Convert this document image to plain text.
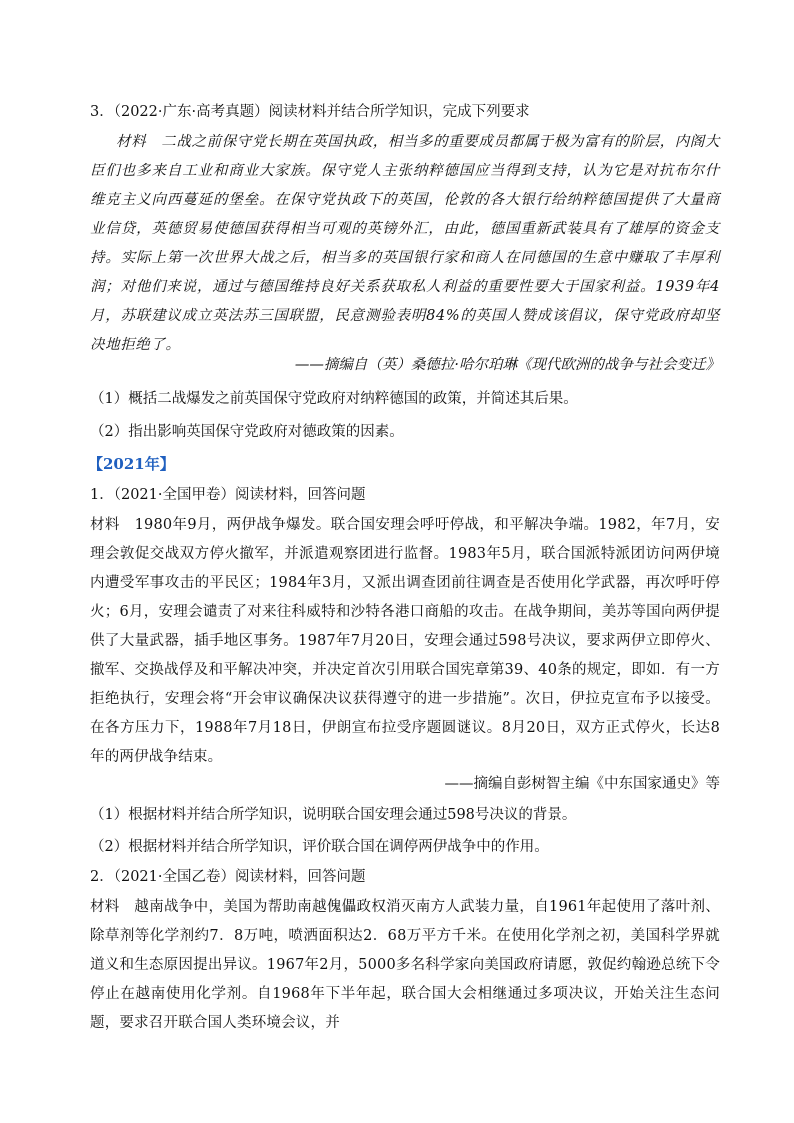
3．（2022·广东·高考真题）阅读材料并结合所学知识，完成下列要求
材料　二战之前保守党长期在英国执政，相当多的重要成员都属于极为富有的阶层，内阁大臣们也多来自工业和商业大家族。保守党人主张纳粹德国应当得到支持，认为它是对抗布尔什维克主义向西蔓延的堡垒。在保守党执政下的英国，伦敦的各大银行给纳粹德国提供了大量商业信贷，英德贸易使德国获得相当可观的英镑外汇，由此，德国重新武装具有了雄厚的资金支持。实际上第一次世界大战之后，相当多的英国银行家和商人在同德国的生意中赚取了丰厚利润；对他们来说，通过与德国维持良好关系获取私人利益的重要性要大于国家利益。1939年4月，苏联建议成立英法苏三国联盟，民意测验表明84%的英国人赞成该倡议，保守党政府却坚决地拒绝了。
——摘编自（英）桑德拉·哈尔珀琳《现代欧洲的战争与社会变迁》
（1）概括二战爆发之前英国保守党政府对纳粹德国的政策，并简述其后果。
（2）指出影响英国保守党政府对德政策的因素。
【2021年】
1．（2021·全国甲卷）阅读材料，回答问题
材料　1980年9月，两伊战争爆发。联合国安理会呼吁停战，和平解决争端。1982，年7月，安理会敦促交战双方停火撤军，并派遣观察团进行监督。1983年5月，联合国派特派团访问两伊境内遭受军事攻击的平民区；1984年3月，又派出调查团前往调查是否使用化学武器，再次呼吁停火；6月，安理会谴责了对来往科威特和沙特各港口商船的攻击。在战争期间，美苏等国向两伊提供了大量武器，插手地区事务。1987年7月20日，安理会通过598号决议，要求两伊立即停火、撤军、交换战俘及和平解决冲突，并决定首次引用联合国宪章第39、40条的规定，即如．有一方拒绝执行，安理会将“开会审议确保决议获得遵守的进一步措施”。次日，伊拉克宣布予以接受。在各方压力下，1988年7月18日，伊朗宣布拉受序题圆谜议。8月20日，双方正式停火，长达8年的两伊战争结束。
——摘编自彭树智主编《中东国家通史》等
（1）根据材料并结合所学知识，说明联合国安理会通过598号决议的背景。
（2）根据材料并结合所学知识，评价联合国在调停两伊战争中的作用。
2．（2021·全国乙卷）阅读材料，回答问题
材料　越南战争中，美国为帮助南越傀儡政权消灭南方人武装力量，自1961年起使用了落叶剂、除草剂等化学剂约7．8万吨，喷洒面积达2．68万平方千米。在使用化学剂之初，美国科学界就道义和生态原因提出异议。1967年2月，5000多名科学家向美国政府请愿，敦促约翰逊总统下令停止在越南使用化学剂。自1968年下半年起，联合国大会相继通过多项决议，开始关注生态问题，要求召开联合国人类环境会议，并
